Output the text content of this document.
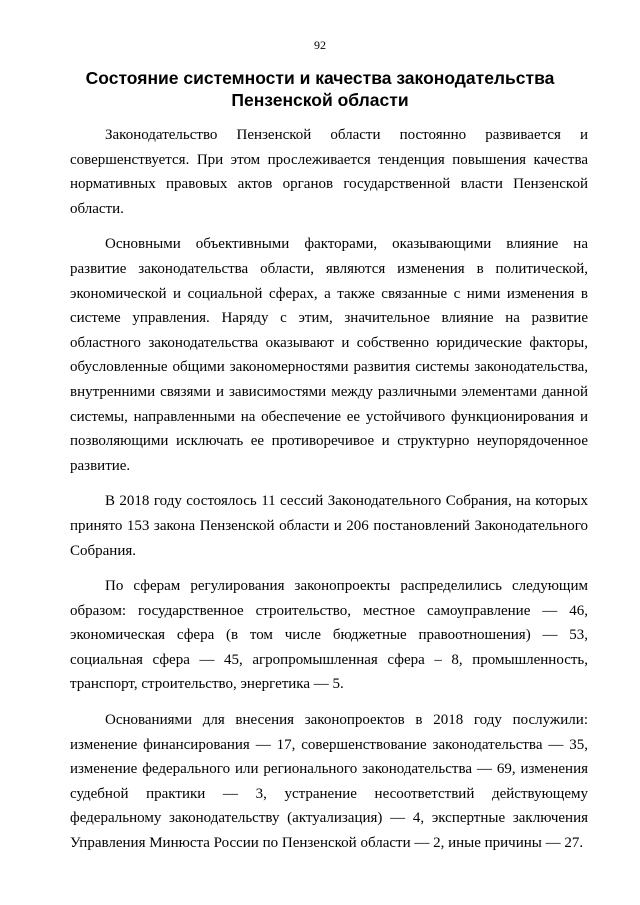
92
Состояние системности и качества законодательства
Пензенской области

Законодательство Пензенской области постоянно развивается и совершенствуется. При этом прослеживается тенденция повышения качества нормативных правовых актов органов государственной власти Пензенской области.

Основными объективными факторами, оказывающими влияние на развитие законодательства области, являются изменения в политической, экономической и социальной сферах, а также связанные с ними изменения в системе управления. Наряду с этим, значительное влияние на развитие областного законодательства оказывают и собственно юридические факторы, обусловленные общими закономерностями развития системы законодательства, внутренними связями и зависимостями между различными элементами данной системы, направленными на обеспечение ее устойчивого функционирования и позволяющими исключать ее противоречивое и структурно неупорядоченное развитие.

В 2018 году состоялось 11 сессий Законодательного Собрания, на которых принято 153 закона Пензенской области и 206 постановлений Законодательного Собрания.

По сферам регулирования законопроекты распределились следующим образом: государственное строительство, местное самоуправление — 46, экономическая сфера (в том числе бюджетные правоотношения) — 53, социальная сфера — 45, агропромышленная сфера – 8, промышленность, транспорт, строительство, энергетика — 5.

Основаниями для внесения законопроектов в 2018 году послужили: изменение финансирования — 17, совершенствование законодательства — 35, изменение федерального или регионального законодательства — 69, изменения судебной практики — 3, устранение несоответствий действующему федеральному законодательству (актуализация) — 4, экспертные заключения Управления Минюста России по Пензенской области — 2, иные причины — 27.
